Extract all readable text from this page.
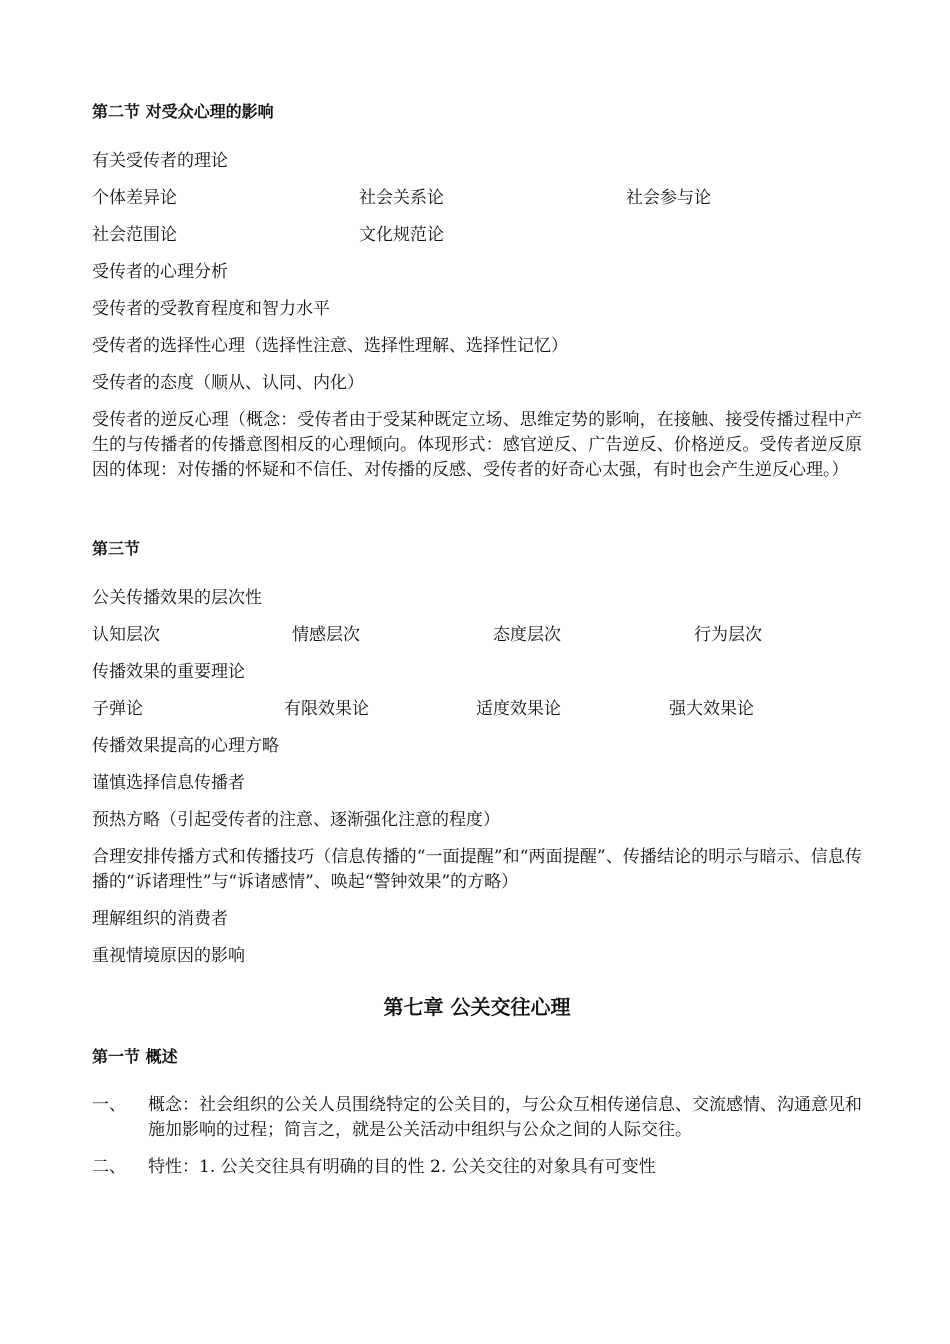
第二节 对受众心理的影响

有关受传者的理论

个体差异论	社会关系论	社会参与论
社会范围论	文化规范论

受传者的心理分析

受传者的受教育程度和智力水平

受传者的选择性心理（选择性注意、选择性理解、选择性记忆）

受传者的态度（顺从、认同、内化）

受传者的逆反心理（概念：受传者由于受某种既定立场、思维定势的影响，在接触、接受传播过程中产生的与传播者的传播意图相反的心理倾向。体现形式：感官逆反、广告逆反、价格逆反。受传者逆反原因的体现：对传播的怀疑和不信任、对传播的反感、受传者的好奇心太强，有时也会产生逆反心理。）

第三节

公关传播效果的层次性

认知层次	情感层次	态度层次	行为层次

传播效果的重要理论

子弹论	有限效果论	适度效果论	强大效果论

传播效果提高的心理方略

谨慎选择信息传播者

预热方略（引起受传者的注意、逐渐强化注意的程度）

合理安排传播方式和传播技巧（信息传播的“一面提醒”和“两面提醒”、传播结论的明示与暗示、信息传播的“诉诸理性”与“诉诸感情”、唤起“警钟效果”的方略）

理解组织的消费者

重视情境原因的影响

第七章 公关交往心理

第一节 概述

一、	概念：社会组织的公关人员围绕特定的公关目的，与公众互相传递信息、交流感情、沟通意见和施加影响的过程；简言之，就是公关活动中组织与公众之间的人际交往。
二、	特性：1. 公关交往具有明确的目的性 2. 公关交往的对象具有可变性
